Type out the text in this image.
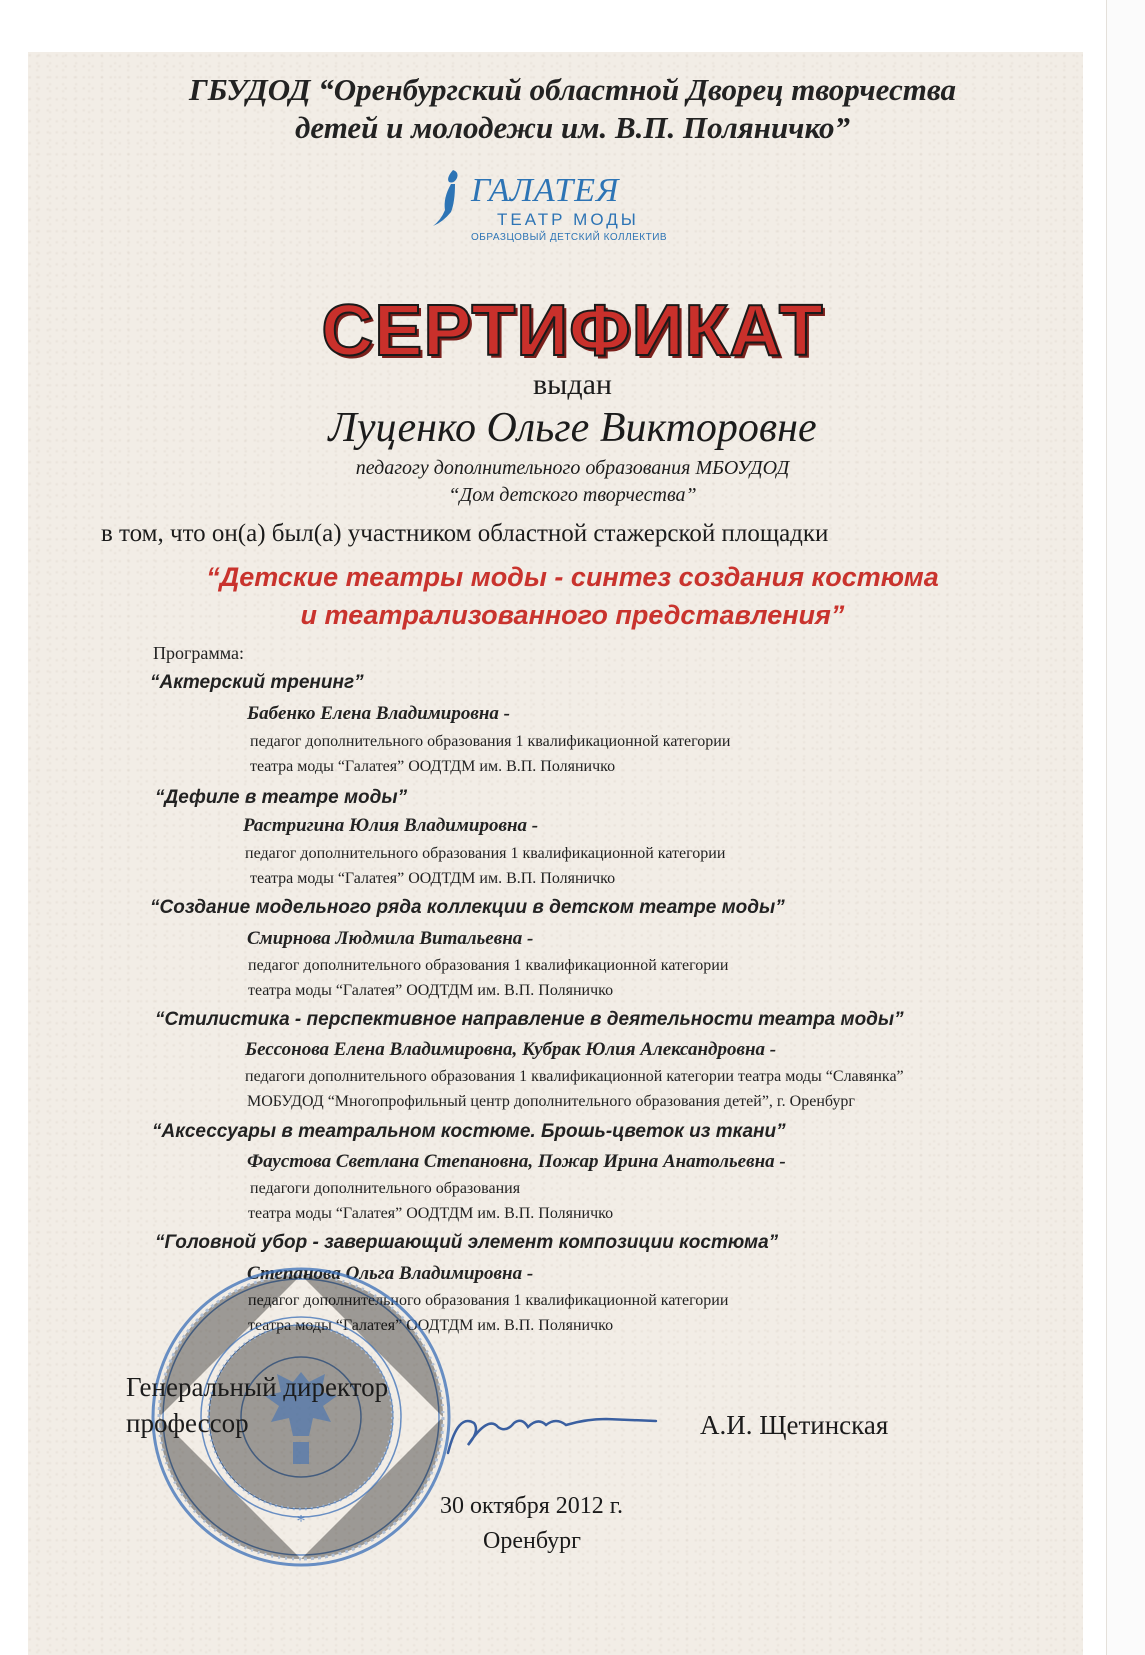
ГБУДОД “Оренбургский областной Дворец творчества
детей и молодежи им. В.П. Поляничко”
ГАЛАТЕЯ
ТЕАТР МОДЫ
ОБРАЗЦОВЫЙ ДЕТСКИЙ КОЛЛЕКТИВ
СЕРТИФИКАТ
выдан
Луценко Ольге Викторовне
педагогу дополнительного образования МБОУДОД
“Дом детского творчества”
в том, что он(а) был(а) участником областной стажерской площадки
“Детские театры моды - синтез создания костюма
и театрализованного представления”
Программа:
“Актерский тренинг”
Бабенко Елена Владимировна -
педагог дополнительного образования 1 квалификационной категории
театра моды “Галатея” ООДТДМ им. В.П. Поляничко
“Дефиле в театре моды”
Растригина Юлия Владимировна -
педагог дополнительного образования 1 квалификационной категории
театра моды “Галатея” ООДТДМ им. В.П. Поляничко
“Создание модельного ряда коллекции в детском театре моды”
Смирнова Людмила Витальевна -
педагог дополнительного образования 1 квалификационной категории
театра моды “Галатея” ООДТДМ им. В.П. Поляничко
“Стилистика - перспективное направление в деятельности театра моды”
Бессонова Елена Владимировна, Кубрак Юлия Александровна -
педагоги дополнительного образования 1 квалификационной категории театра моды “Славянка”
МОБУДОД “Многопрофильный центр дополнительного образования детей”, г. Оренбург
“Аксессуары в театральном костюме. Брошь-цветок из ткани”
Фаустова Светлана Степановна, Пожар Ирина Анатольевна -
педагоги дополнительного образования
театра моды “Галатея” ООДТДМ им. В.П. Поляничко
“Головной убор - завершающий элемент композиции костюма”
Степанова Ольга Владимировна -
педагог дополнительного образования 1 квалификационной категории
театра моды “Галатея” ООДТДМ им. В.П. Поляничко
*
Генеральный директор
профессор	А.И. Щетинская
30 октября 2012 г.
Оренбург
